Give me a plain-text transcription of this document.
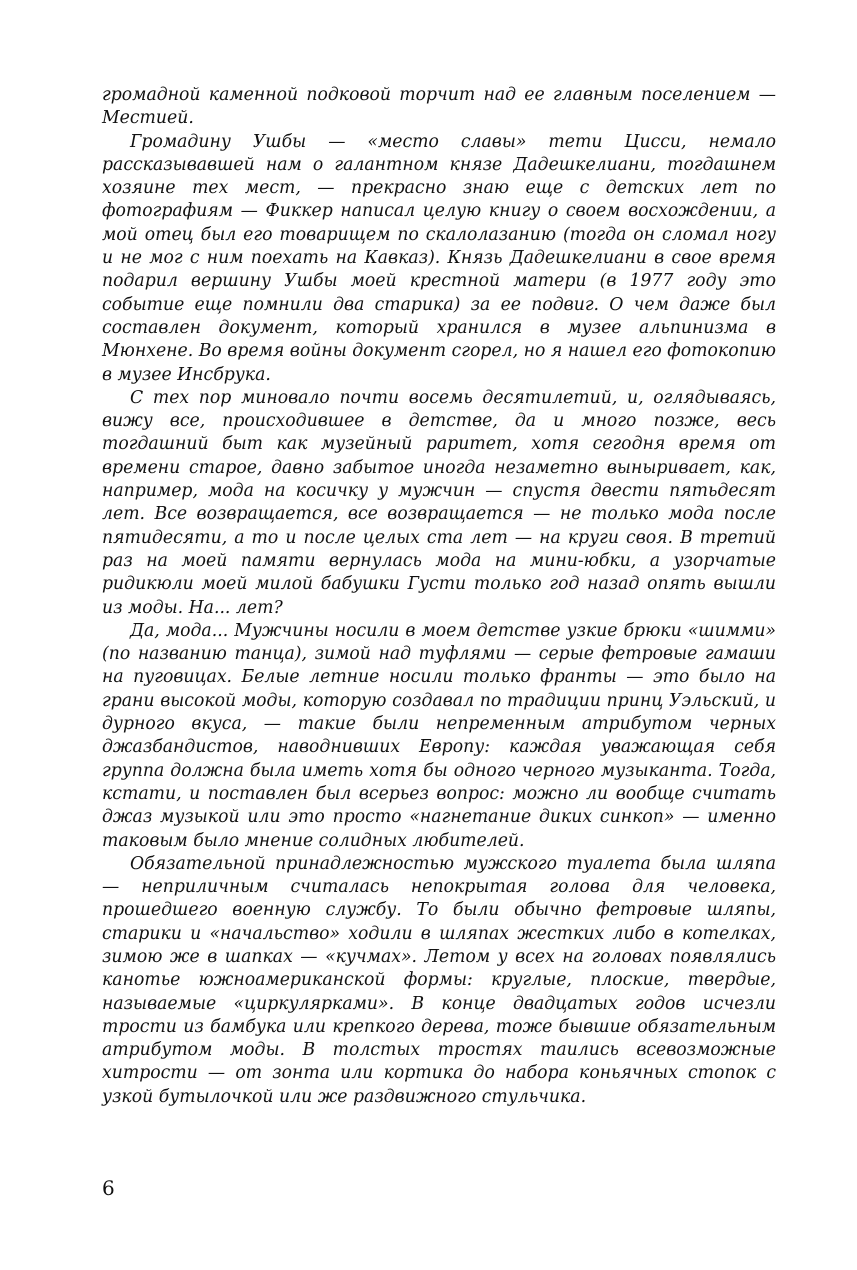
громадной каменной подковой торчит над ее главным поселением — Местией.

Громадину Ушбы — «место славы» тети Цисси, немало рассказывавшей нам о галантном князе Дадешкелиани, тогдашнем хозяине тех мест, — прекрасно знаю еще с детских лет по фотографиям — Фиккер написал целую книгу о своем восхождении, а мой отец был его товарищем по скалолазанию (тогда он сломал ногу и не мог с ним поехать на Кавказ). Князь Дадешкелиани в свое время подарил вершину Ушбы моей крестной матери (в 1977 году это событие еще помнили два старика) за ее подвиг. О чем даже был составлен документ, который хранился в музее альпинизма в Мюнхене. Во время войны документ сгорел, но я нашел его фотокопию в музее Инсбрука.

С тех пор миновало почти восемь десятилетий, и, оглядываясь, вижу все, происходившее в детстве, да и много позже, весь тогдашний быт как музейный раритет, хотя сегодня время от времени старое, давно забытое иногда незаметно выныривает, как, например, мода на косичку у мужчин — спустя двести пятьдесят лет. Все возвращается, все возвращается — не только мода после пятидесяти, а то и после целых ста лет — на круги своя. В третий раз на моей памяти вернулась мода на мини-юбки, а узорчатые ридикюли моей милой бабушки Густи только год назад опять вышли из моды. На... лет?

Да, мода... Мужчины носили в моем детстве узкие брюки «шимми» (по названию танца), зимой над туфлями — серые фетровые гамаши на пуговицах. Белые летние носили только франты — это было на грани высокой моды, которую создавал по традиции принц Уэльский, и дурного вкуса, — такие были непременным атрибутом черных джазбандистов, наводнивших Европу: каждая уважающая себя группа должна была иметь хотя бы одного черного музыканта. Тогда, кстати, и поставлен был всерьез вопрос: можно ли вообще считать джаз музыкой или это просто «нагнетание диких синкоп» — именно таковым было мнение солидных любителей.

Обязательной принадлежностью мужского туалета была шляпа — неприличным считалась непокрытая голова для человека, прошедшего военную службу. То были обычно фетровые шляпы, старики и «начальство» ходили в шляпах жестких либо в котелках, зимою же в шапках — «кучмах». Летом у всех на головах появлялись канотье южноамериканской формы: круглые, плоские, твердые, называемые «циркулярками». В конце двадцатых годов исчезли трости из бамбука или крепкого дерева, тоже бывшие обязательным атрибутом моды. В толстых тростях таились всевозможные хитрости — от зонта или кортика до набора коньячных стопок с узкой бутылочкой или же раздвижного стульчика.

6
